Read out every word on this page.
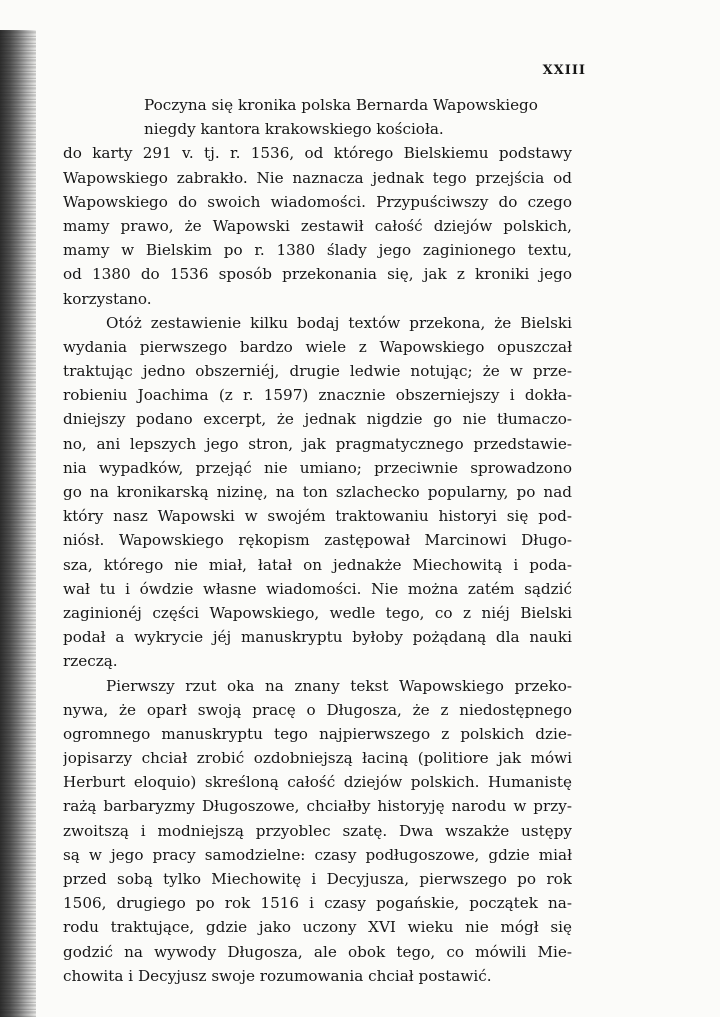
XXIII
Poczyna się kronika polska Bernarda Wapowskiego
niegdy kantora krakowskiego kościoła.
do karty 291 v. tj. r. 1536, od którego Bielskiemu podstawy
Wapowskiego zabrakło. Nie naznacza jednak tego przejścia od
Wapowskiego do swoich wiadomości. Przypuściwszy do czego
mamy prawo, że Wapowski zestawił całość dziejów polskich,
mamy w Bielskim po r. 1380 ślady jego zaginionego textu,
od 1380 do 1536 sposób przekonania się, jak z kroniki jego
korzystano.
Otóż zestawienie kilku bodaj textów przekona, że Bielski
wydania pierwszego bardzo wiele z Wapowskiego opuszczał
traktując jedno obszerniéj, drugie ledwie notując; że w prze-
robieniu Joachima (z r. 1597) znacznie obszerniejszy i dokła-
dniejszy podano excerpt, że jednak nigdzie go nie tłumaczo-
no, ani lepszych jego stron, jak pragmatycznego przedstawie-
nia wypadków, przejąć nie umiano; przeciwnie sprowadzono
go na kronikarską nizinę, na ton szlachecko popularny, po nad
który nasz Wapowski w swojém traktowaniu historyi się pod-
niósł. Wapowskiego rękopism zastępował Marcinowi Długo-
sza, którego nie miał, łatał on jednakże Miechowitą i poda-
wał tu i ówdzie własne wiadomości. Nie można zatém sądzić
zaginionéj części Wapowskiego, wedle tego, co z niéj Bielski
podał a wykrycie jéj manuskryptu byłoby pożądaną dla nauki
rzeczą.
Pierwszy rzut oka na znany tekst Wapowskiego przeko-
nywa, że oparł swoją pracę o Długosza, że z niedostępnego
ogromnego manuskryptu tego najpierwszego z polskich dzie-
jopisarzy chciał zrobić ozdobniejszą łaciną (politiore jak mówi
Herburt eloquio) skreśloną całość dziejów polskich. Humanistę
rażą barbaryzmy Długoszowe, chciałby historyję narodu w przy-
zwoitszą i modniejszą przyoblec szatę. Dwa wszakże ustępy
są w jego pracy samodzielne: czasy podługoszowe, gdzie miał
przed sobą tylko Miechowitę i Decyjusza, pierwszego po rok
1506, drugiego po rok 1516 i czasy pogańskie, początek na-
rodu traktujące, gdzie jako uczony XVI wieku nie mógł się
godzić na wywody Długosza, ale obok tego, co mówili Mie-
chowita i Decyjusz swoje rozumowania chciał postawić.
